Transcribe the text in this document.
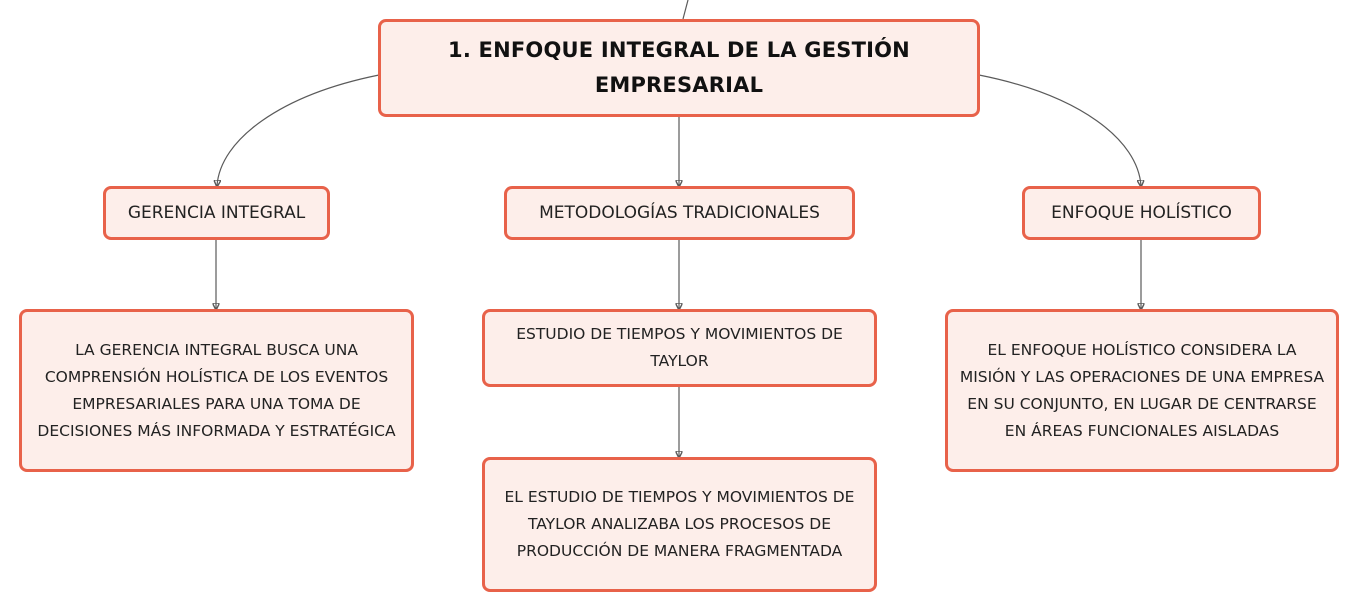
1. ENFOQUE INTEGRAL DE LA GESTIÓN EMPRESARIAL
GERENCIA INTEGRAL	METODOLOGÍAS TRADICIONALES	ENFOQUE HOLÍSTICO
LA GERENCIA INTEGRAL BUSCA UNA COMPRENSIÓN HOLÍSTICA DE LOS EVENTOS EMPRESARIALES PARA UNA TOMA DE DECISIONES MÁS INFORMADA Y ESTRATÉGICA
ESTUDIO DE TIEMPOS Y MOVIMIENTOS DE TAYLOR
EL ESTUDIO DE TIEMPOS Y MOVIMIENTOS DE TAYLOR ANALIZABA LOS PROCESOS DE PRODUCCIÓN DE MANERA FRAGMENTADA
EL ENFOQUE HOLÍSTICO CONSIDERA LA MISIÓN Y LAS OPERACIONES DE UNA EMPRESA EN SU CONJUNTO, EN LUGAR DE CENTRARSE EN ÁREAS FUNCIONALES AISLADAS
